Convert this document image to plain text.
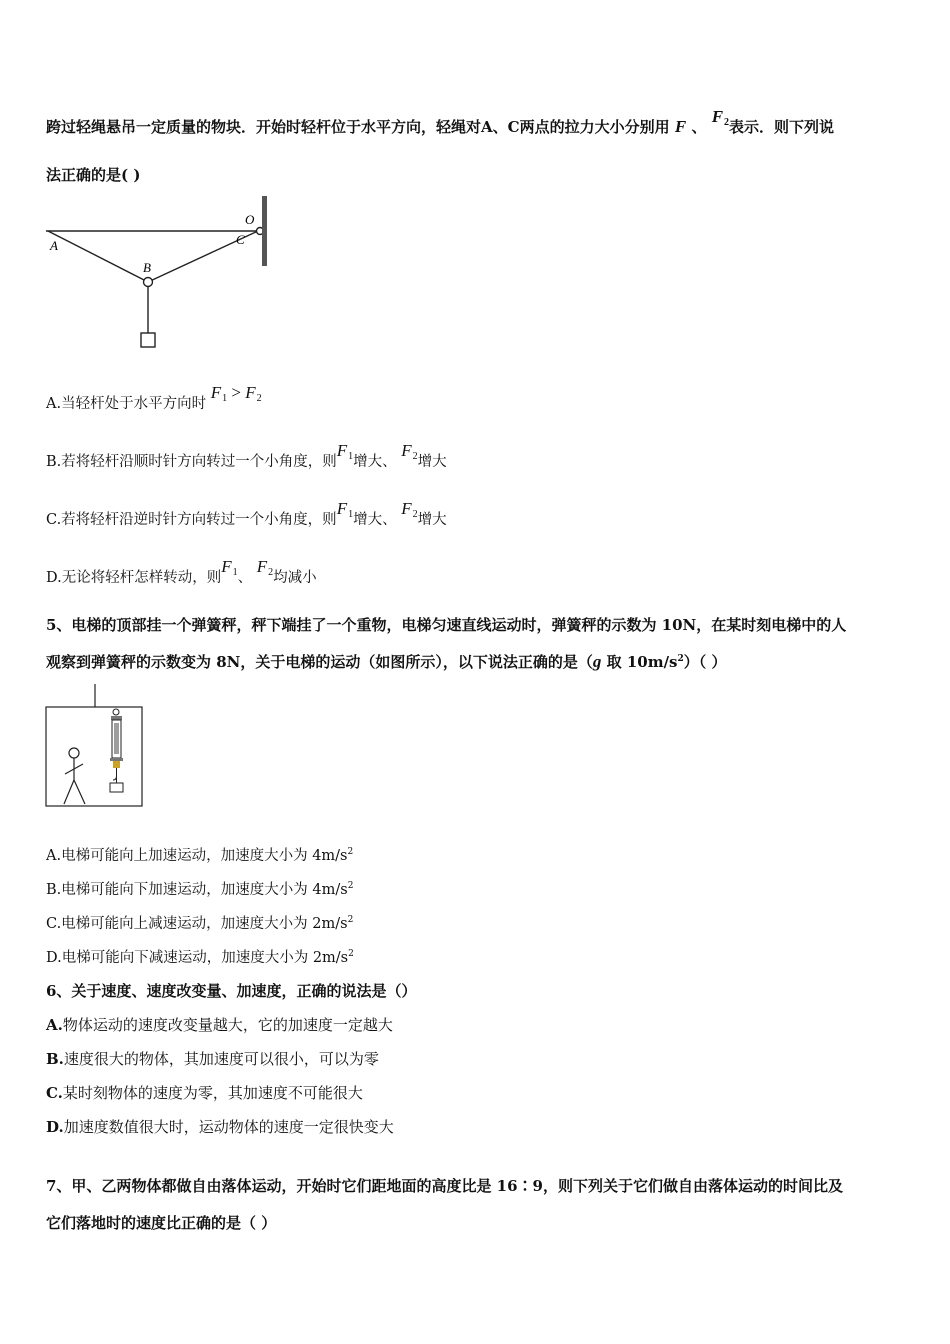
跨过轻绳悬吊一定质量的物块．开始时轻杆位于水平方向，轻绳对A、C两点的拉力大小分别用 F 、 $F_2$表示．则下列说
法正确的是( )
A
B
C
O
A.当轻杆处于水平方向时 $F_1 > F_2$
B.若将轻杆沿顺时针方向转过一个小角度，则$F_1$增大、 $F_2$增大
C.若将轻杆沿逆时针方向转过一个小角度，则$F_1$增大、 $F_2$增大
D.无论将轻杆怎样转动，则$F_1$、 $F_2$均减小
5、电梯的顶部挂一个弹簧秤，秤下端挂了一个重物，电梯匀速直线运动时，弹簧秤的示数为 10N，在某时刻电梯中的人
观察到弹簧秤的示数变为 8N，关于电梯的运动（如图所示），以下说法正确的是（g 取 $10m/s^2$）（ ）
A.电梯可能向上加速运动，加速度大小为 $4m/s^2$
B.电梯可能向下加速运动，加速度大小为 $4m/s^2$
C.电梯可能向上减速运动，加速度大小为 $2m/s^2$
D.电梯可能向下减速运动，加速度大小为 $2m/s^2$
6、关于速度、速度改变量、加速度，正确的说法是（）
A.物体运动的速度改变量越大，它的加速度一定越大
B.速度很大的物体，其加速度可以很小，可以为零
C.某时刻物体的速度为零，其加速度不可能很大
D.加速度数值很大时，运动物体的速度一定很快变大
7、甲、乙两物体都做自由落体运动，开始时它们距地面的高度比是 16∶9，则下列关于它们做自由落体运动的时间比及
它们落地时的速度比正确的是（ ）
